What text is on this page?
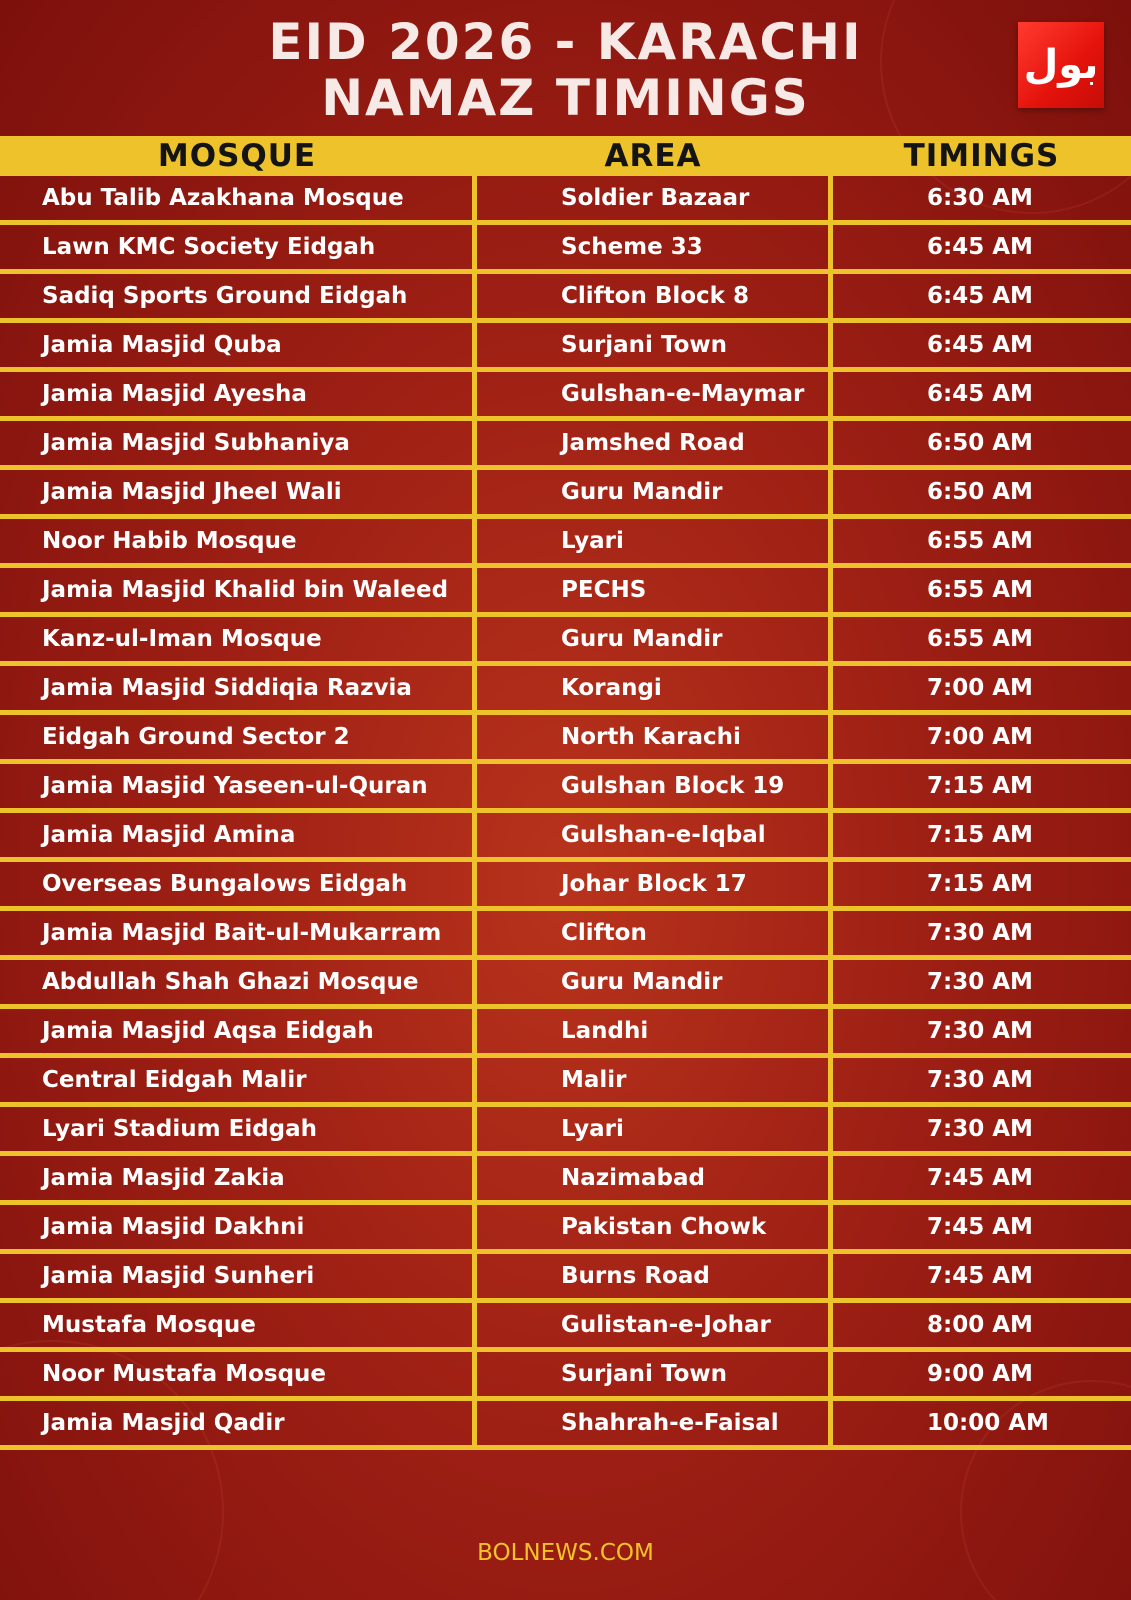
EID 2026 - KARACHI
NAMAZ TIMINGS
بول
MOSQUE	AREA	TIMINGS
Abu Talib Azakhana Mosque	Soldier Bazaar	6:30 AM
Lawn KMC Society Eidgah	Scheme 33	6:45 AM
Sadiq Sports Ground Eidgah	Clifton Block 8	6:45 AM
Jamia Masjid Quba	Surjani Town	6:45 AM
Jamia Masjid Ayesha	Gulshan-e-Maymar	6:45 AM
Jamia Masjid Subhaniya	Jamshed Road	6:50 AM
Jamia Masjid Jheel Wali	Guru Mandir	6:50 AM
Noor Habib Mosque	Lyari	6:55 AM
Jamia Masjid Khalid bin Waleed	PECHS	6:55 AM
Kanz-ul-Iman Mosque	Guru Mandir	6:55 AM
Jamia Masjid Siddiqia Razvia	Korangi	7:00 AM
Eidgah Ground Sector 2	North Karachi	7:00 AM
Jamia Masjid Yaseen-ul-Quran	Gulshan Block 19	7:15 AM
Jamia Masjid Amina	Gulshan-e-Iqbal	7:15 AM
Overseas Bungalows Eidgah	Johar Block 17	7:15 AM
Jamia Masjid Bait-ul-Mukarram	Clifton	7:30 AM
Abdullah Shah Ghazi Mosque	Guru Mandir	7:30 AM
Jamia Masjid Aqsa Eidgah	Landhi	7:30 AM
Central Eidgah Malir	Malir	7:30 AM
Lyari Stadium Eidgah	Lyari	7:30 AM
Jamia Masjid Zakia	Nazimabad	7:45 AM
Jamia Masjid Dakhni	Pakistan Chowk	7:45 AM
Jamia Masjid Sunheri	Burns Road	7:45 AM
Mustafa Mosque	Gulistan-e-Johar	8:00 AM
Noor Mustafa Mosque	Surjani Town	9:00 AM
Jamia Masjid Qadir	Shahrah-e-Faisal	10:00 AM
BOLNEWS.COM
